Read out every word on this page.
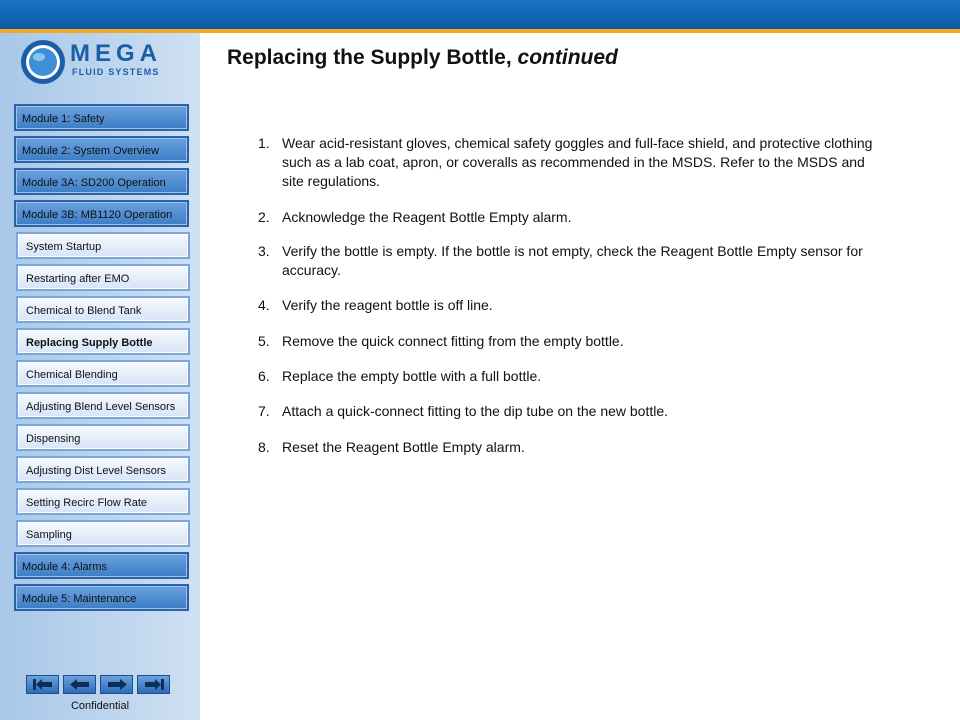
MEGA
FLUID SYSTEMS
Module 1: Safety
Module 2: System Overview
Module 3A: SD200 Operation
Module 3B: MB1120 Operation
System Startup
Restarting after EMO
Chemical to Blend Tank
Replacing Supply Bottle
Chemical Blending
Adjusting Blend Level Sensors
Dispensing
Adjusting Dist Level Sensors
Setting Recirc Flow Rate
Sampling
Module 4: Alarms
Module 5: Maintenance
Confidential
Replacing the Supply Bottle, continued
1. Wear acid-resistant gloves, chemical safety goggles and full-face shield, and protective clothing such as a lab coat, apron, or coveralls as recommended in the MSDS. Refer to the MSDS and site regulations.
2. Acknowledge the Reagent Bottle Empty alarm.
3. Verify the bottle is empty. If the bottle is not empty, check the Reagent Bottle Empty sensor for accuracy.
4. Verify the reagent bottle is off line.
5. Remove the quick connect fitting from the empty bottle.
6. Replace the empty bottle with a full bottle.
7. Attach a quick-connect fitting to the dip tube on the new bottle.
8. Reset the Reagent Bottle Empty alarm.
